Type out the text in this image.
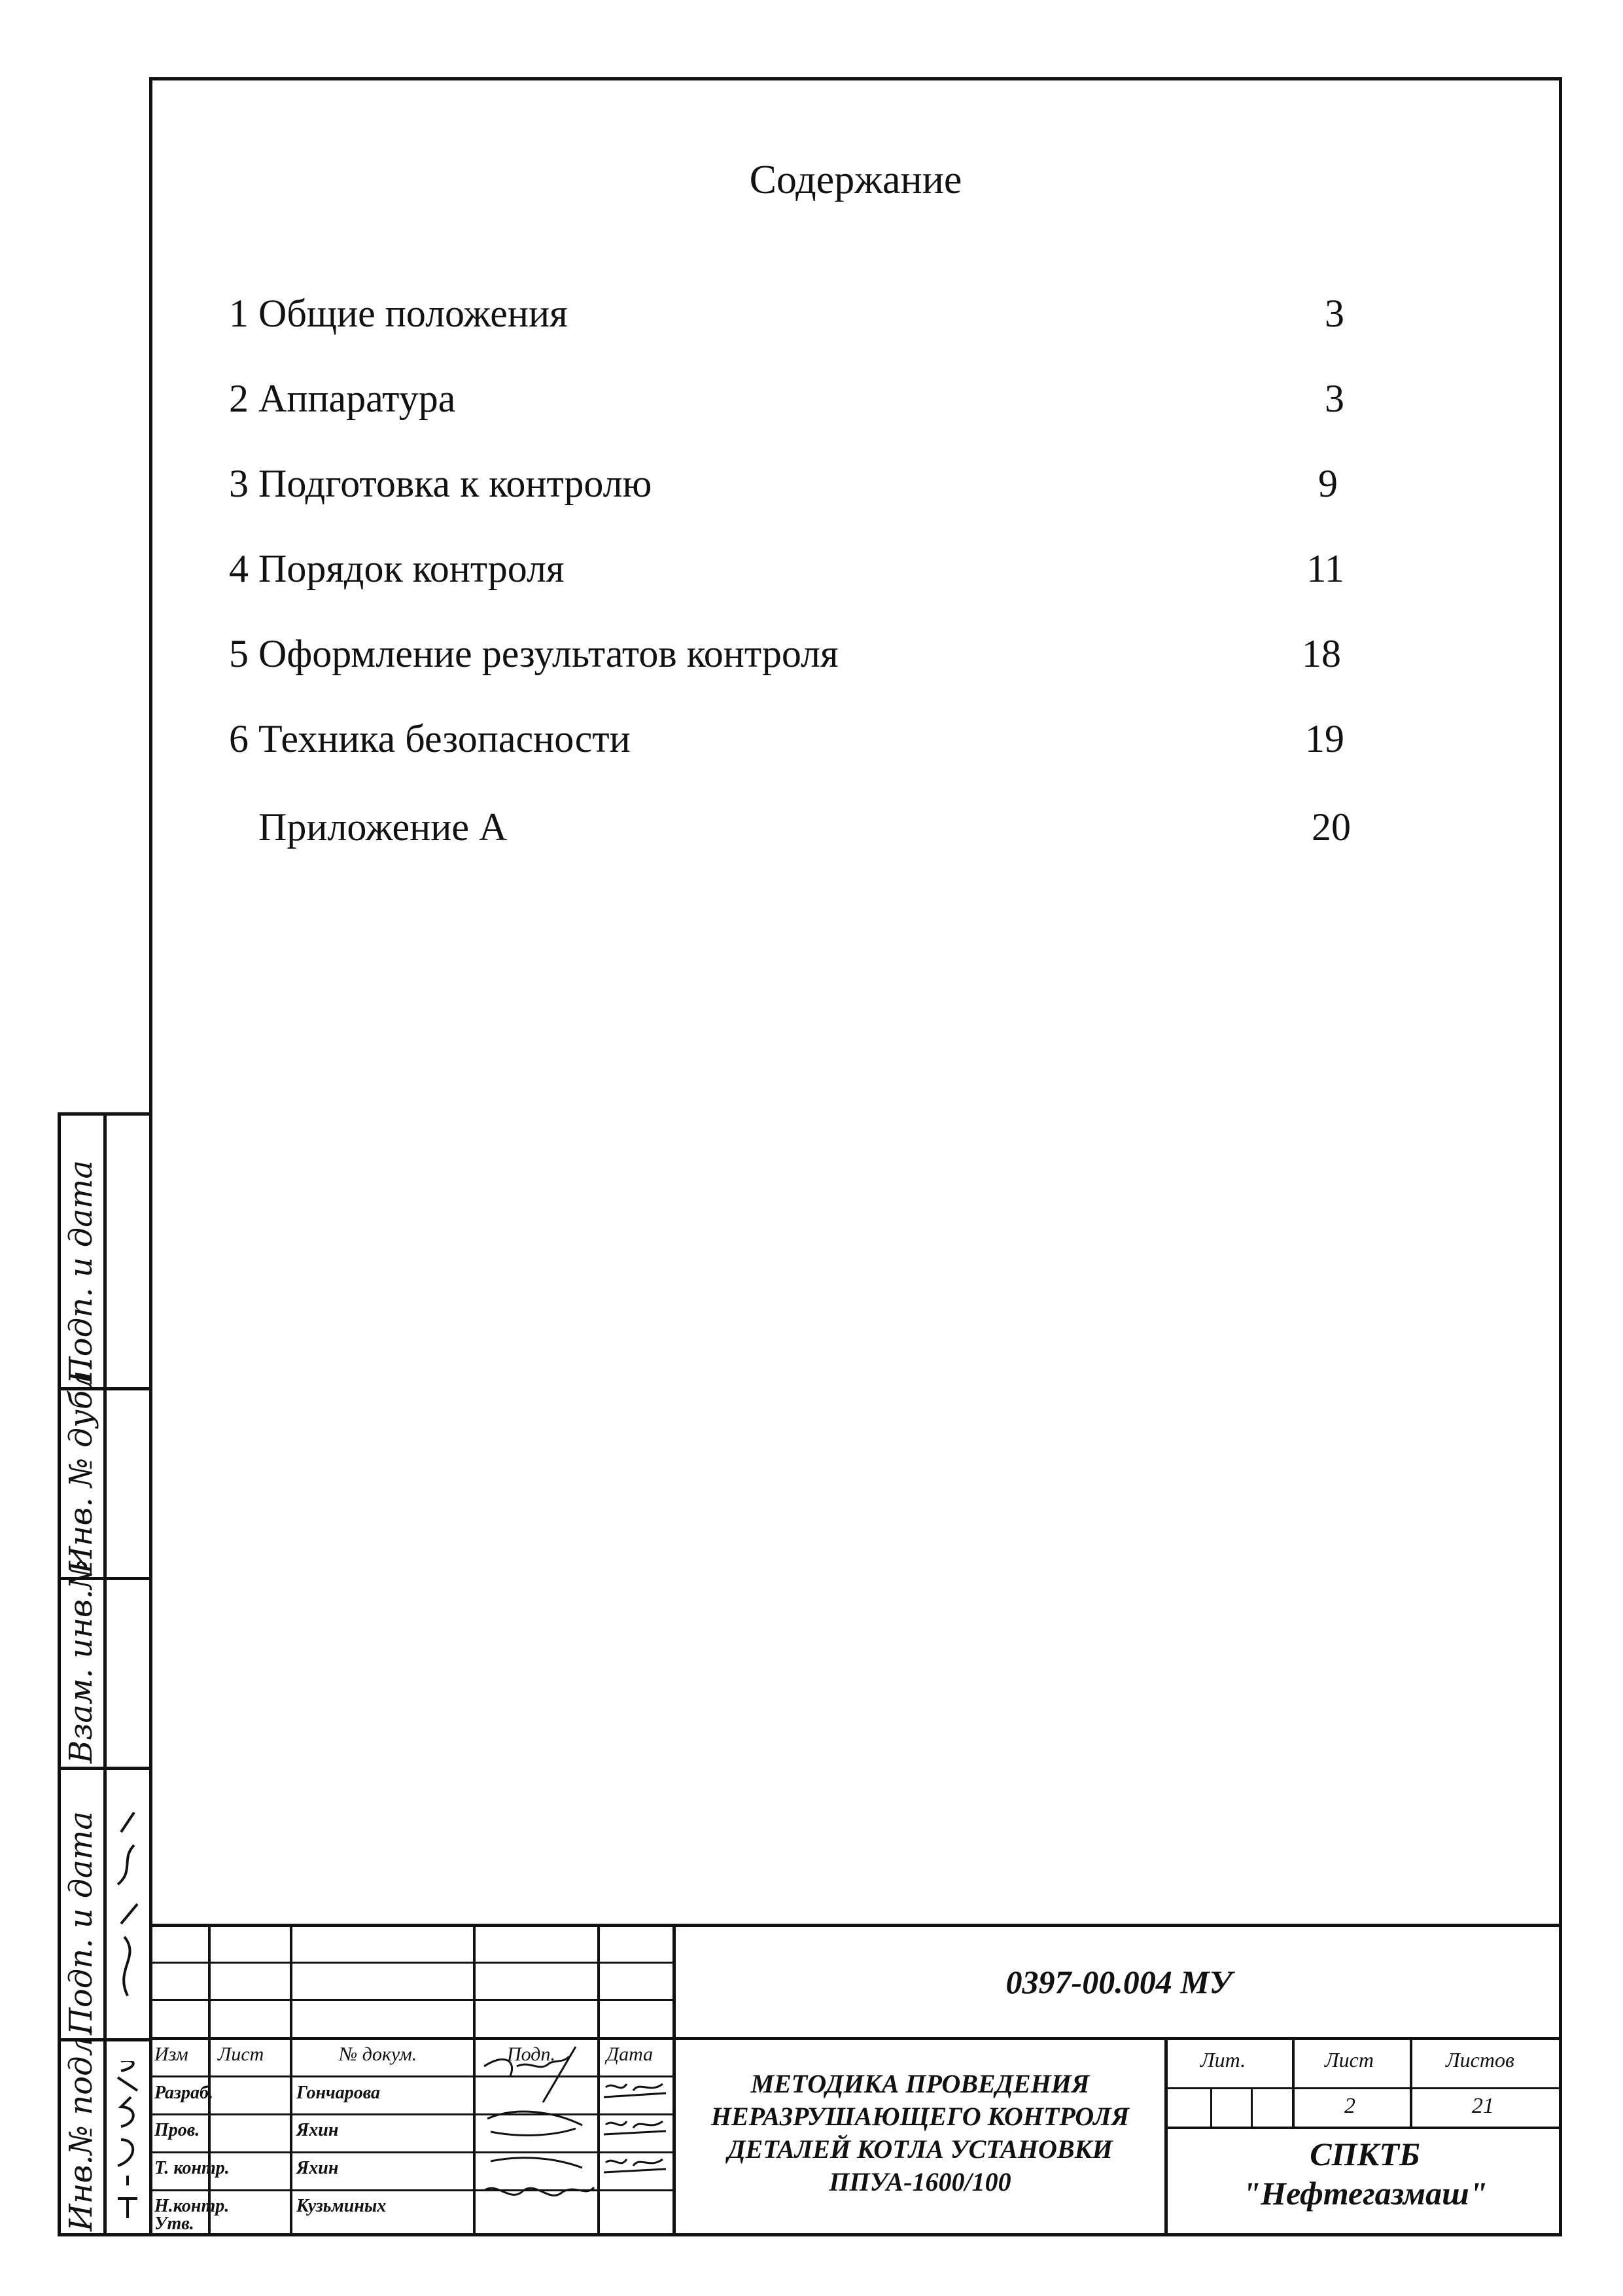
Содержание
1 Общие положения	3
2 Аппаратура	3
3 Подготовка к контролю	9
4 Порядок контроля	11
5 Оформление результатов контроля	18
6 Техника безопасности	19
Приложение А	20
Подп. и дата
Инв. № дубл.
Взам. инв.№
Подп. и дата
Инв.№ подл.
0397-00.004 МУ
Изм Лист	№ докум.	Подп.	Дата
Разраб.	Гончарова
Пров.	Яхин
Т. контр.	Яхин
Н.контр.	Кузьминых
Утв.
МЕТОДИКА ПРОВЕДЕНИЯ
НЕРАЗРУШАЮЩЕГО КОНТРОЛЯ
ДЕТАЛЕЙ КОТЛА УСТАНОВКИ
ППУА-1600/100
Лит.	Лист	Листов
2	21
СПКТБ
"Нефтегазмаш"
